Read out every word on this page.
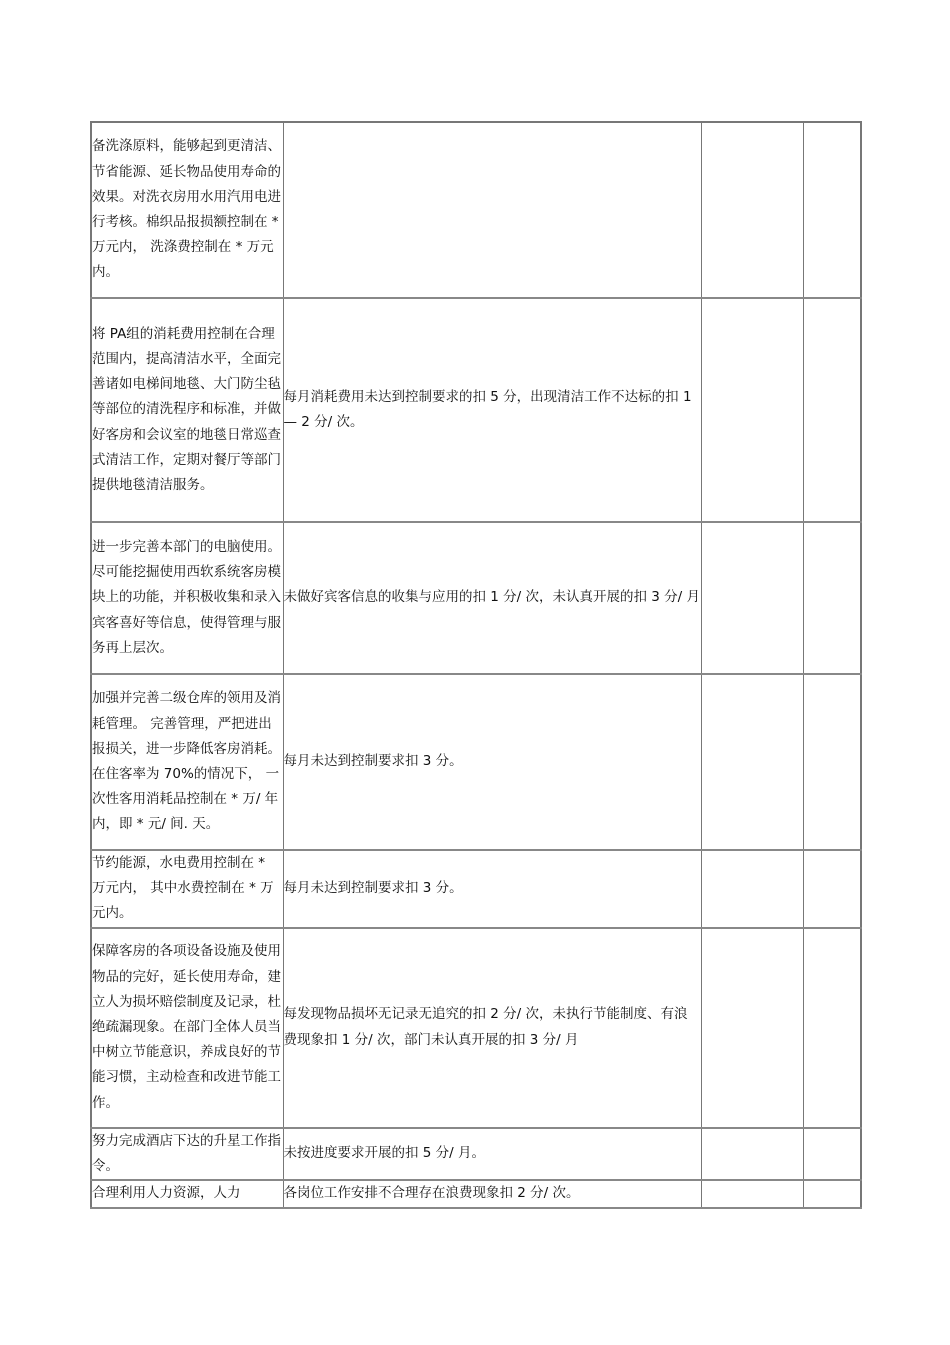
备洗涤原料，能够起到更清洁、节省能源、延长物品使用寿命的效果。对洗衣房用水用汽用电进行考核。棉织品报损额控制在 * 万元内， 洗涤费控制在 * 万元内。			
将 PA组的消耗费用控制在合理范围内，提高清洁水平，全面完善诸如电梯间地毯、大门防尘毡等部位的清洗程序和标准，并做好客房和会议室的地毯日常巡查式清洁工作，定期对餐厅等部门提供地毯清洁服务。	每月消耗费用未达到控制要求的扣 5 分，出现清洁工作不达标的扣 1— 2 分/ 次。		
进一步完善本部门的电脑使用。尽可能挖掘使用西软系统客房模块上的功能，并积极收集和录入宾客喜好等信息，使得管理与服务再上层次。	未做好宾客信息的收集与应用的扣 1 分/ 次，未认真开展的扣 3 分/ 月		
加强并完善二级仓库的领用及消耗管理。 完善管理，严把进出报损关，进一步降低客房消耗。在住客率为 70%的情况下， 一次性客用消耗品控制在 * 万/ 年内，即 * 元/ 间. 天。	每月未达到控制要求扣 3 分。		
节约能源，水电费用控制在 * 万元内， 其中水费控制在 * 万元内。	每月未达到控制要求扣 3 分。		
保障客房的各项设备设施及使用物品的完好，延长使用寿命，建立人为损坏赔偿制度及记录，杜绝疏漏现象。在部门全体人员当中树立节能意识，养成良好的节能习惯，主动检查和改进节能工作。	每发现物品损坏无记录无追究的扣 2 分/ 次，未执行节能制度、有浪费现象扣 1 分/ 次，部门未认真开展的扣 3 分/ 月		
努力完成酒店下达的升星工作指令。	未按进度要求开展的扣 5 分/ 月。		
合理利用人力资源，人力	各岗位工作安排不合理存在浪费现象扣 2 分/ 次。		
